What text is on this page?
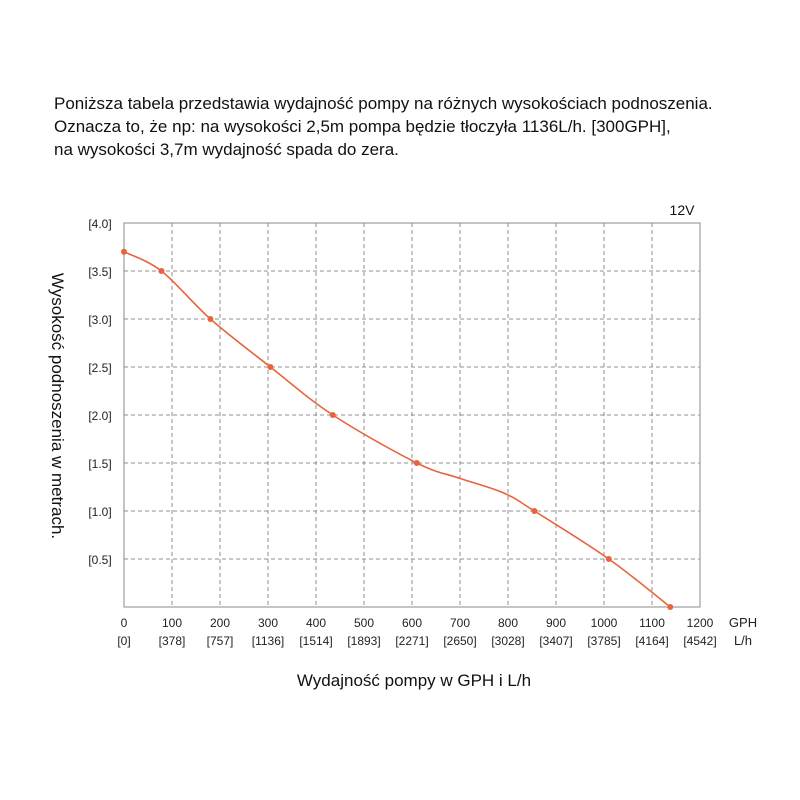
Poniższa tabela przedstawia wydajność pompy na różnych wysokościach podnoszenia.
Oznacza to, że np: na wysokości 2,5m pompa będzie tłoczyła 1136L/h. [300GPH],
na wysokości 3,7m wydajność spada do zera.
0
[0]
100
[378]
200
[757]
300
[1136]
400
[1514]
500
[1893]
600
[2271]
700
[2650]
800
[3028]
900
[3407]
1000
[3785]
1100
[4164]
1200
[4542]
[0.5]
[1.0]
[1.5]
[2.0]
[2.5]
[3.0]
[3.5]
[4.0]
12V
Wysokość podnoszenia w metrach.
Wydajność pompy w GPH i L/h
GPH
L/h
